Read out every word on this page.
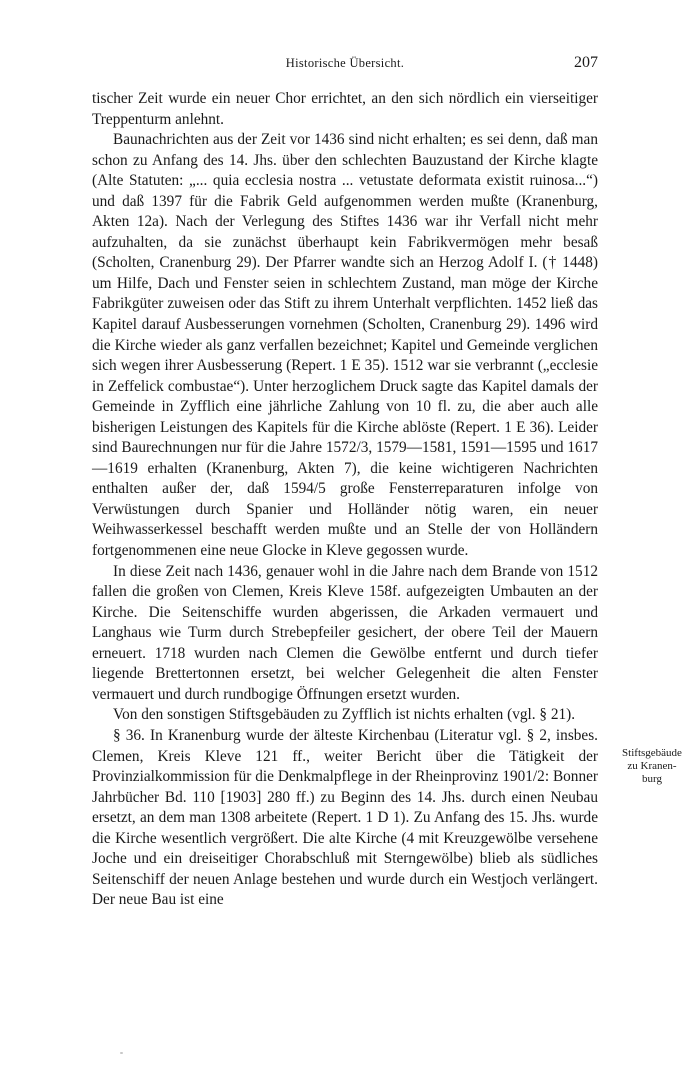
Historische Übersicht.	207

tischer Zeit wurde ein neuer Chor errichtet, an den sich nördlich ein vierseitiger Treppenturm anlehnt.

Baunachrichten aus der Zeit vor 1436 sind nicht erhalten; es sei denn, daß man schon zu Anfang des 14. Jhs. über den schlechten Bauzustand der Kirche klagte (Alte Statuten: „... quia ecclesia nostra ... vetustate deformata existit ruinosa...“) und daß 1397 für die Fabrik Geld aufgenommen werden mußte (Kranenburg, Akten 12a). Nach der Verlegung des Stiftes 1436 war ihr Verfall nicht mehr aufzuhalten, da sie zunächst überhaupt kein Fabrikvermögen mehr besaß (Scholten, Cranenburg 29). Der Pfarrer wandte sich an Herzog Adolf I. († 1448) um Hilfe, Dach und Fenster seien in schlechtem Zustand, man möge der Kirche Fabrikgüter zuweisen oder das Stift zu ihrem Unterhalt verpflichten. 1452 ließ das Kapitel darauf Ausbesserungen vornehmen (Scholten, Cranenburg 29). 1496 wird die Kirche wieder als ganz verfallen bezeichnet; Kapitel und Gemeinde verglichen sich wegen ihrer Ausbesserung (Repert. 1 E 35). 1512 war sie verbrannt („ecclesie in Zeffelick combustae“). Unter herzoglichem Druck sagte das Kapitel damals der Gemeinde in Zyfflich eine jährliche Zahlung von 10 fl. zu, die aber auch alle bisherigen Leistungen des Kapitels für die Kirche ablöste (Repert. 1 E 36). Leider sind Baurechnungen nur für die Jahre 1572/3, 1579—1581, 1591—1595 und 1617—1619 erhalten (Kranenburg, Akten 7), die keine wichtigeren Nachrichten enthalten außer der, daß 1594/5 große Fensterreparaturen infolge von Verwüstungen durch Spanier und Holländer nötig waren, ein neuer Weihwasserkessel beschafft werden mußte und an Stelle der von Holländern fortgenommenen eine neue Glocke in Kleve gegossen wurde.

In diese Zeit nach 1436, genauer wohl in die Jahre nach dem Brande von 1512 fallen die großen von Clemen, Kreis Kleve 158f. aufgezeigten Umbauten an der Kirche. Die Seitenschiffe wurden abgerissen, die Arkaden vermauert und Langhaus wie Turm durch Strebepfeiler gesichert, der obere Teil der Mauern erneuert. 1718 wurden nach Clemen die Gewölbe entfernt und durch tiefer liegende Brettertonnen ersetzt, bei welcher Gelegenheit die alten Fenster vermauert und durch rundbogige Öffnungen ersetzt wurden.

Von den sonstigen Stiftsgebäuden zu Zyfflich ist nichts erhalten (vgl. § 21).

§ 36. In Kranenburg wurde der älteste Kirchenbau (Literatur vgl. § 2, insbes. Clemen, Kreis Kleve 121 ff., weiter Bericht über die Tätigkeit der Provinzialkommission für die Denkmalpflege in der Rheinprovinz 1901/2: Bonner Jahrbücher Bd. 110 [1903] 280 ff.) zu Beginn des 14. Jhs. durch einen Neubau ersetzt, an dem man 1308 arbeitete (Repert. 1 D 1). Zu Anfang des 15. Jhs. wurde die Kirche wesentlich vergrößert. Die alte Kirche (4 mit Kreuzgewölbe versehene Joche und ein dreiseitiger Chorabschluß mit Sterngewölbe) blieb als südliches Seitenschiff der neuen Anlage bestehen und wurde durch ein Westjoch verlängert. Der neue Bau ist eine

Stiftsgebäude
zu Kranen-
burg
